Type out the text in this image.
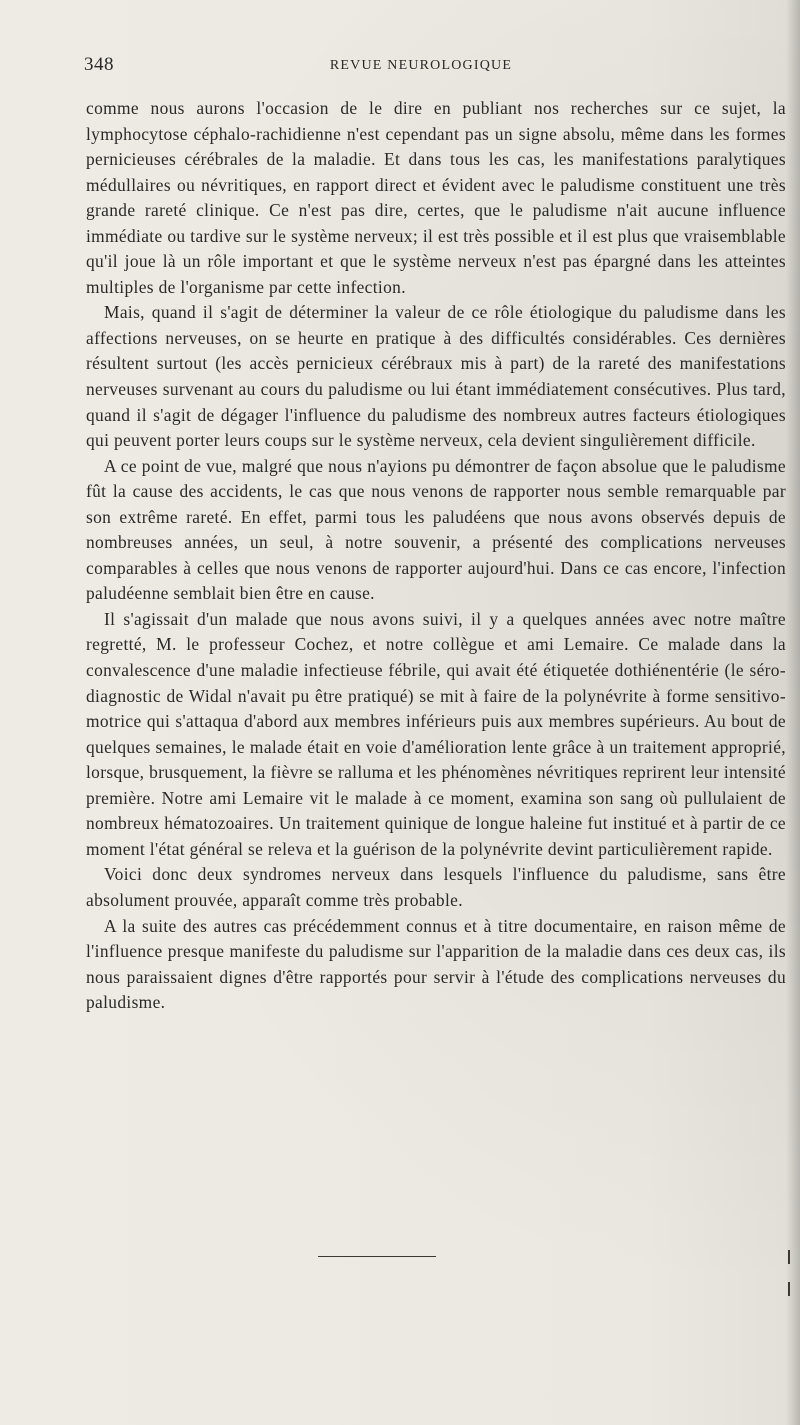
348	REVUE NEUROLOGIQUE

comme nous aurons l'occasion de le dire en publiant nos recherches sur ce sujet, la lymphocytose céphalo-rachidienne n'est cependant pas un signe absolu, même dans les formes pernicieuses cérébrales de la maladie. Et dans tous les cas, les manifestations paralytiques médullaires ou névritiques, en rapport direct et évident avec le paludisme constituent une très grande rareté clinique. Ce n'est pas dire, certes, que le paludisme n'ait aucune influence immédiate ou tardive sur le système nerveux; il est très possible et il est plus que vraisemblable qu'il joue là un rôle important et que le système nerveux n'est pas épargné dans les atteintes multiples de l'organisme par cette infection.

Mais, quand il s'agit de déterminer la valeur de ce rôle étiologique du paludisme dans les affections nerveuses, on se heurte en pratique à des difficultés considérables. Ces dernières résultent surtout (les accès pernicieux cérébraux mis à part) de la rareté des manifestations nerveuses survenant au cours du paludisme ou lui étant immédiatement consécutives. Plus tard, quand il s'agit de dégager l'influence du paludisme des nombreux autres facteurs étiologiques qui peuvent porter leurs coups sur le système nerveux, cela devient singulièrement difficile.

A ce point de vue, malgré que nous n'ayions pu démontrer de façon absolue que le paludisme fût la cause des accidents, le cas que nous venons de rapporter nous semble remarquable par son extrême rareté. En effet, parmi tous les paludéens que nous avons observés depuis de nombreuses années, un seul, à notre souvenir, a présenté des complications nerveuses comparables à celles que nous venons de rapporter aujourd'hui. Dans ce cas encore, l'infection paludéenne semblait bien être en cause.

Il s'agissait d'un malade que nous avons suivi, il y a quelques années avec notre maître regretté, M. le professeur Cochez, et notre collègue et ami Lemaire. Ce malade dans la convalescence d'une maladie infectieuse fébrile, qui avait été étiquetée dothiénentérie (le séro-diagnostic de Widal n'avait pu être pratiqué) se mit à faire de la polynévrite à forme sensitivo-motrice qui s'attaqua d'abord aux membres inférieurs puis aux membres supérieurs. Au bout de quelques semaines, le malade était en voie d'amélioration lente grâce à un traitement approprié, lorsque, brusquement, la fièvre se ralluma et les phénomènes névritiques reprirent leur intensité première. Notre ami Lemaire vit le malade à ce moment, examina son sang où pullulaient de nombreux hématozoaires. Un traitement quinique de longue haleine fut institué et à partir de ce moment l'état général se releva et la guérison de la polynévrite devint particulièrement rapide.

Voici donc deux syndromes nerveux dans lesquels l'influence du paludisme, sans être absolument prouvée, apparaît comme très probable.

A la suite des autres cas précédemment connus et à titre documentaire, en raison même de l'influence presque manifeste du paludisme sur l'apparition de la maladie dans ces deux cas, ils nous paraissaient dignes d'être rapportés pour servir à l'étude des complications nerveuses du paludisme.
